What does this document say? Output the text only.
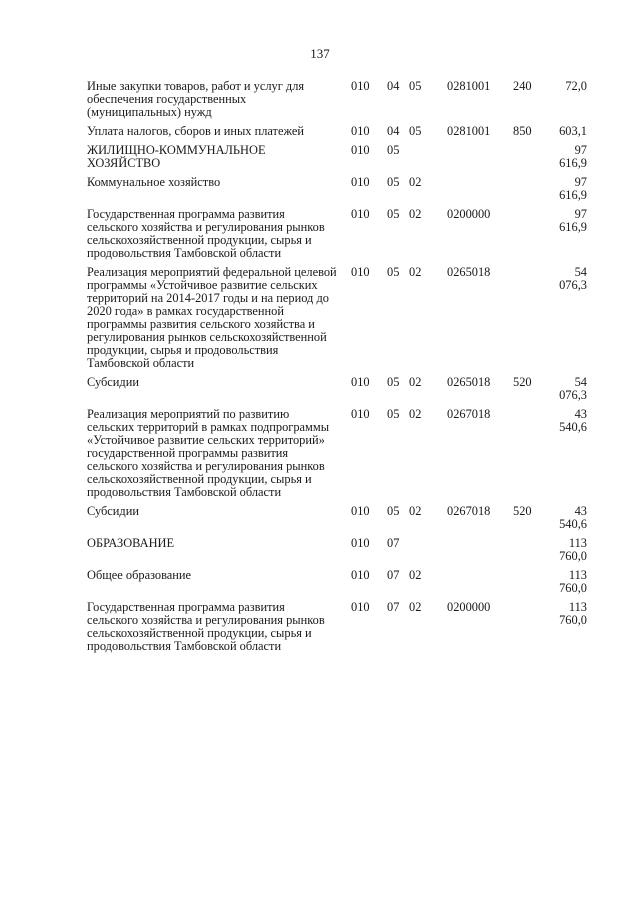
137
Иные закупки товаров, работ и услуг для обеспечения государственных (муниципальных) нужд	010	04	05	0281001	240	72,0
Уплата налогов, сборов и иных платежей	010	04	05	0281001	850	603,1
ЖИЛИЩНО-КОММУНАЛЬНОЕ ХОЗЯЙСТВО	010	05				97 616,9
Коммунальное хозяйство	010	05	02			97 616,9
Государственная программа развития сельского хозяйства и регулирования рынков сельскохозяйственной продукции, сырья и продовольствия Тамбовской области	010	05	02	0200000		97 616,9
Реализация мероприятий федеральной целевой программы «Устойчивое развитие сельских территорий на 2014-2017 годы и на период до 2020 года» в рамках государственной программы развития сельского хозяйства и регулирования рынков сельскохозяйственной продукции, сырья и продовольствия Тамбовской области	010	05	02	0265018		54 076,3
Субсидии	010	05	02	0265018	520	54 076,3
Реализация мероприятий по развитию сельских территорий в рамках подпрограммы «Устойчивое развитие сельских территорий» государственной программы развития сельского хозяйства и регулирования рынков сельскохозяйственной продукции, сырья и продовольствия Тамбовской области	010	05	02	0267018		43 540,6
Субсидии	010	05	02	0267018	520	43 540,6
ОБРАЗОВАНИЕ	010	07				113 760,0
Общее образование	010	07	02			113 760,0
Государственная программа развития сельского хозяйства и регулирования рынков сельскохозяйственной продукции, сырья и продовольствия Тамбовской области	010	07	02	0200000		113 760,0
